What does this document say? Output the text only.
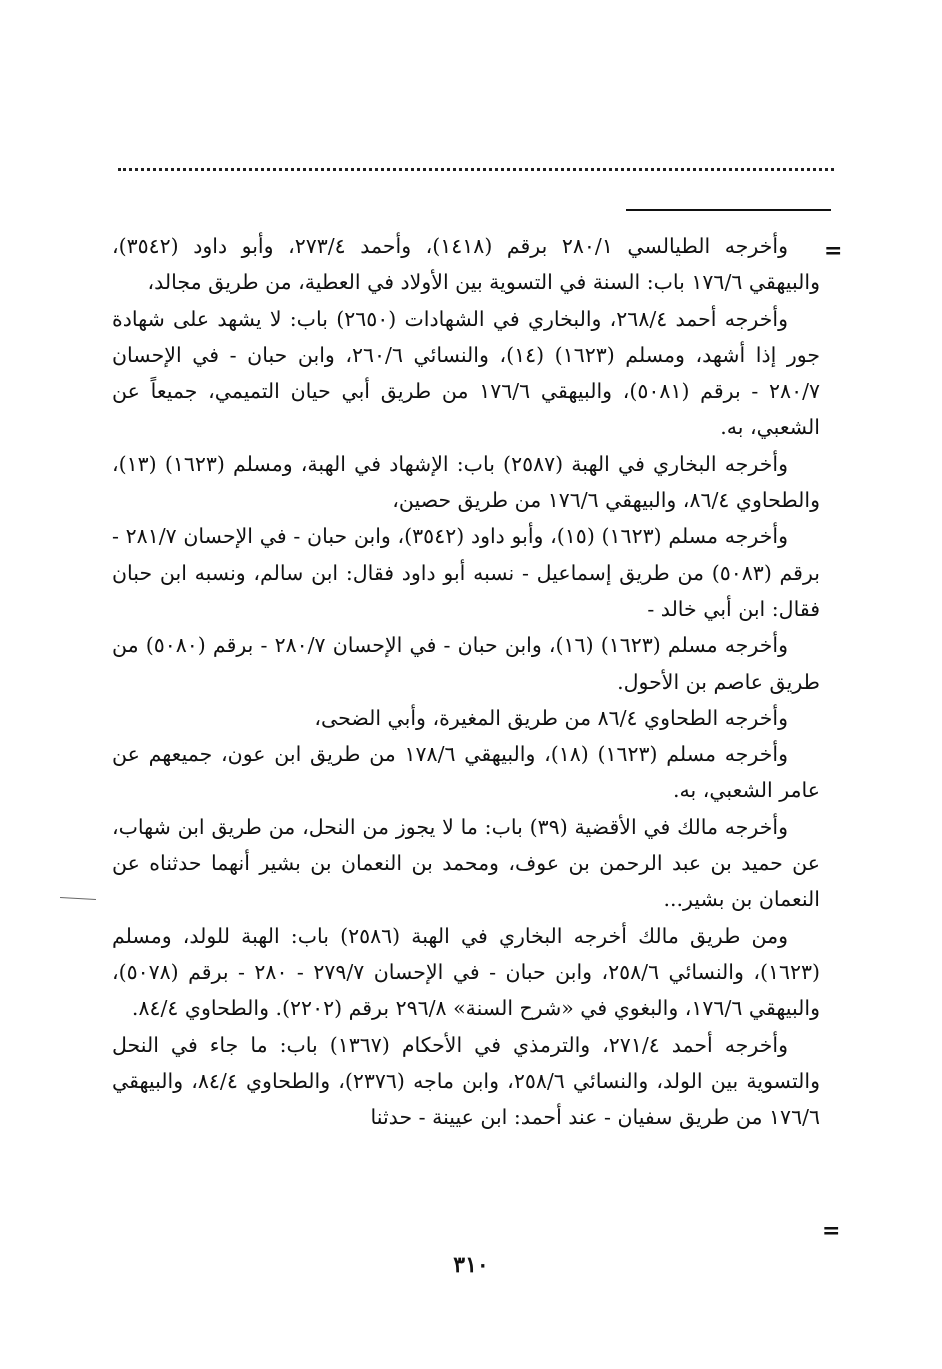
=

وأخرجه الطيالسي ٢٨٠/١ برقم (١٤١٨)، وأحمد ٢٧٣/٤، وأبو داود (٣٥٤٢)، والبيهقي ١٧٦/٦ باب: السنة في التسوية بين الأولاد في العطية، من طريق مجالد،

وأخرجه أحمد ٢٦٨/٤، والبخاري في الشهادات (٢٦٥٠) باب: لا يشهد على شهادة جور إذا أشهد، ومسلم (١٦٢٣) (١٤)، والنسائي ٢٦٠/٦، وابن حبان - في الإحسان ٢٨٠/٧ - برقم (٥٠٨١)، والبيهقي ١٧٦/٦ من طريق أبي حيان التميمي، جميعاً عن الشعبي، به.

وأخرجه البخاري في الهبة (٢٥٨٧) باب: الإشهاد في الهبة، ومسلم (١٦٢٣) (١٣)، والطحاوي ٨٦/٤، والبيهقي ١٧٦/٦ من طريق حصين،

وأخرجه مسلم (١٦٢٣) (١٥)، وأبو داود (٣٥٤٢)، وابن حبان - في الإحسان ٢٨١/٧ - برقم (٥٠٨٣) من طريق إسماعيل - نسبه أبو داود فقال: ابن سالم، ونسبه ابن حبان فقال: ابن أبي خالد -

وأخرجه مسلم (١٦٢٣) (١٦)، وابن حبان - في الإحسان ٢٨٠/٧ - برقم (٥٠٨٠) من طريق عاصم بن الأحول.

وأخرجه الطحاوي ٨٦/٤ من طريق المغيرة، وأبي الضحى،

وأخرجه مسلم (١٦٢٣) (١٨)، والبيهقي ١٧٨/٦ من طريق ابن عون، جميعهم عن عامر الشعبي، به.

وأخرجه مالك في الأقضية (٣٩) باب: ما لا يجوز من النحل، من طريق ابن شهاب، عن حميد بن عبد الرحمن بن عوف، ومحمد بن النعمان بن بشير أنهما حدثناه عن النعمان بن بشير...

ومن طريق مالك أخرجه البخاري في الهبة (٢٥٨٦) باب: الهبة للولد، ومسلم (١٦٢٣)، والنسائي ٢٥٨/٦، وابن حبان - في الإحسان ٢٧٩/٧ - ٢٨٠ - برقم (٥٠٧٨)، والبيهقي ١٧٦/٦، والبغوي في «شرح السنة» ٢٩٦/٨ برقم (٢٢٠٢). والطحاوي ٨٤/٤.

وأخرجه أحمد ٢٧١/٤، والترمذي في الأحكام (١٣٦٧) باب: ما جاء في النحل والتسوية بين الولد، والنسائي ٢٥٨/٦، وابن ماجه (٢٣٧٦)، والطحاوي ٨٤/٤، والبيهقي ١٧٦/٦ من طريق سفيان - عند أحمد: ابن عيينة - حدثنا

=
٣١٠
